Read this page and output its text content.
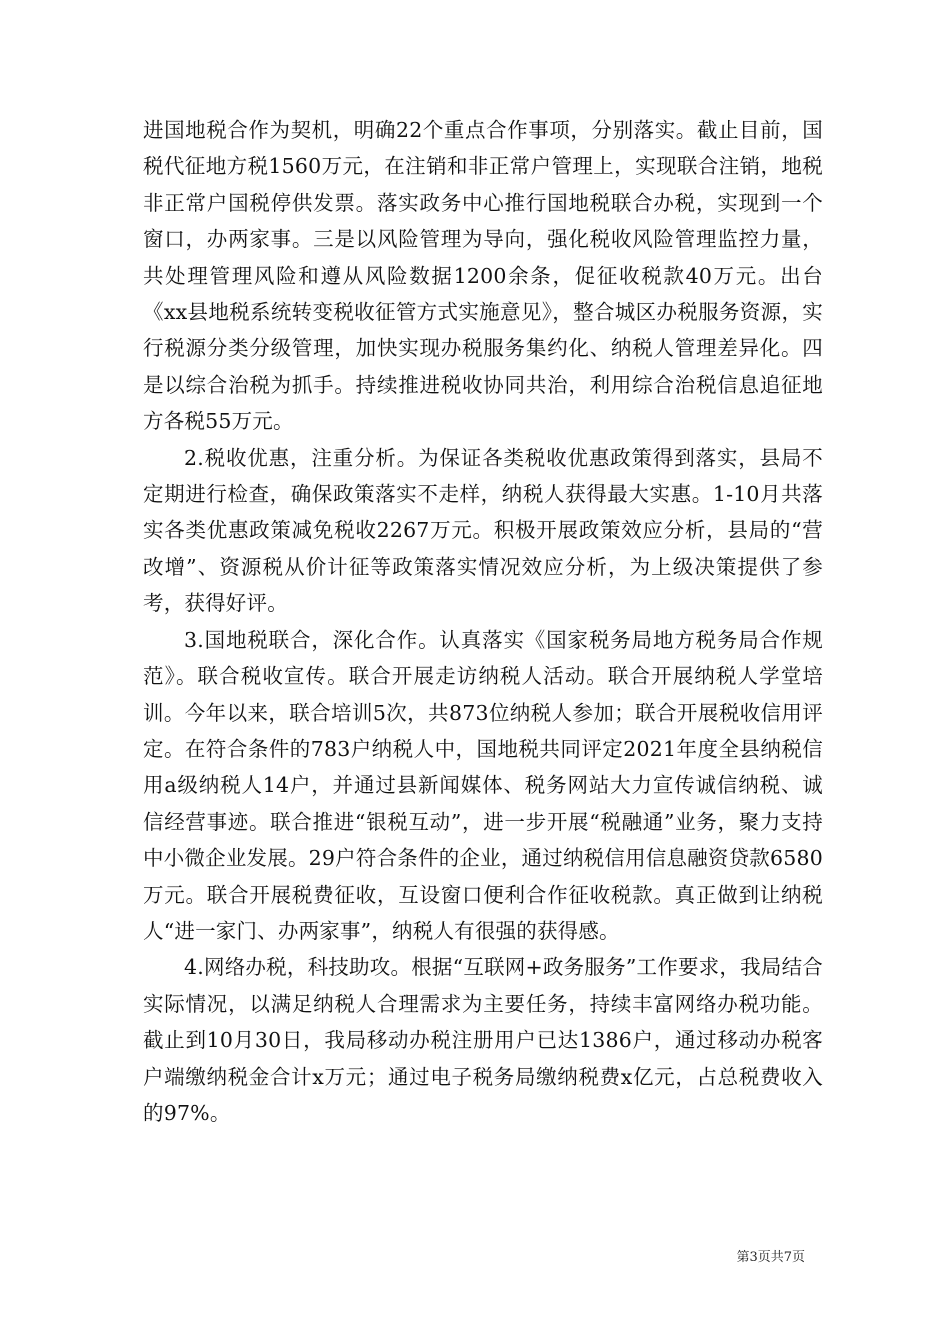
进国地税合作为契机，明确22个重点合作事项，分别落实。截止目前，国税代征地方税1560万元，在注销和非正常户管理上，实现联合注销，地税非正常户国税停供发票。落实政务中心推行国地税联合办税，实现到一个窗口，办两家事。三是以风险管理为导向，强化税收风险管理监控力量，共处理管理风险和遵从风险数据1200余条，促征收税款40万元。出台《xx县地税系统转变税收征管方式实施意见》，整合城区办税服务资源，实行税源分类分级管理，加快实现办税服务集约化、纳税人管理差异化。四是以综合治税为抓手。持续推进税收协同共治，利用综合治税信息追征地方各税55万元。

2.税收优惠，注重分析。为保证各类税收优惠政策得到落实，县局不定期进行检查，确保政策落实不走样，纳税人获得最大实惠。1-10月共落实各类优惠政策减免税收2267万元。积极开展政策效应分析，县局的“营改增”、资源税从价计征等政策落实情况效应分析，为上级决策提供了参考，获得好评。

3.国地税联合，深化合作。认真落实《国家税务局地方税务局合作规范》。联合税收宣传。联合开展走访纳税人活动。联合开展纳税人学堂培训。今年以来，联合培训5次，共873位纳税人参加；联合开展税收信用评定。在符合条件的783户纳税人中，国地税共同评定2021年度全县纳税信用a级纳税人14户，并通过县新闻媒体、税务网站大力宣传诚信纳税、诚信经营事迹。联合推进“银税互动”，进一步开展“税融通”业务，聚力支持中小微企业发展。29户符合条件的企业，通过纳税信用信息融资贷款6580万元。联合开展税费征收，互设窗口便利合作征收税款。真正做到让纳税人“进一家门、办两家事”，纳税人有很强的获得感。

4.网络办税，科技助攻。根据“互联网+政务服务”工作要求，我局结合实际情况，以满足纳税人合理需求为主要任务，持续丰富网络办税功能。截止到10月30日，我局移动办税注册用户已达1386户，通过移动办税客户端缴纳税金合计x万元；通过电子税务局缴纳税费x亿元，占总税费收入的97%。

第3页共7页
